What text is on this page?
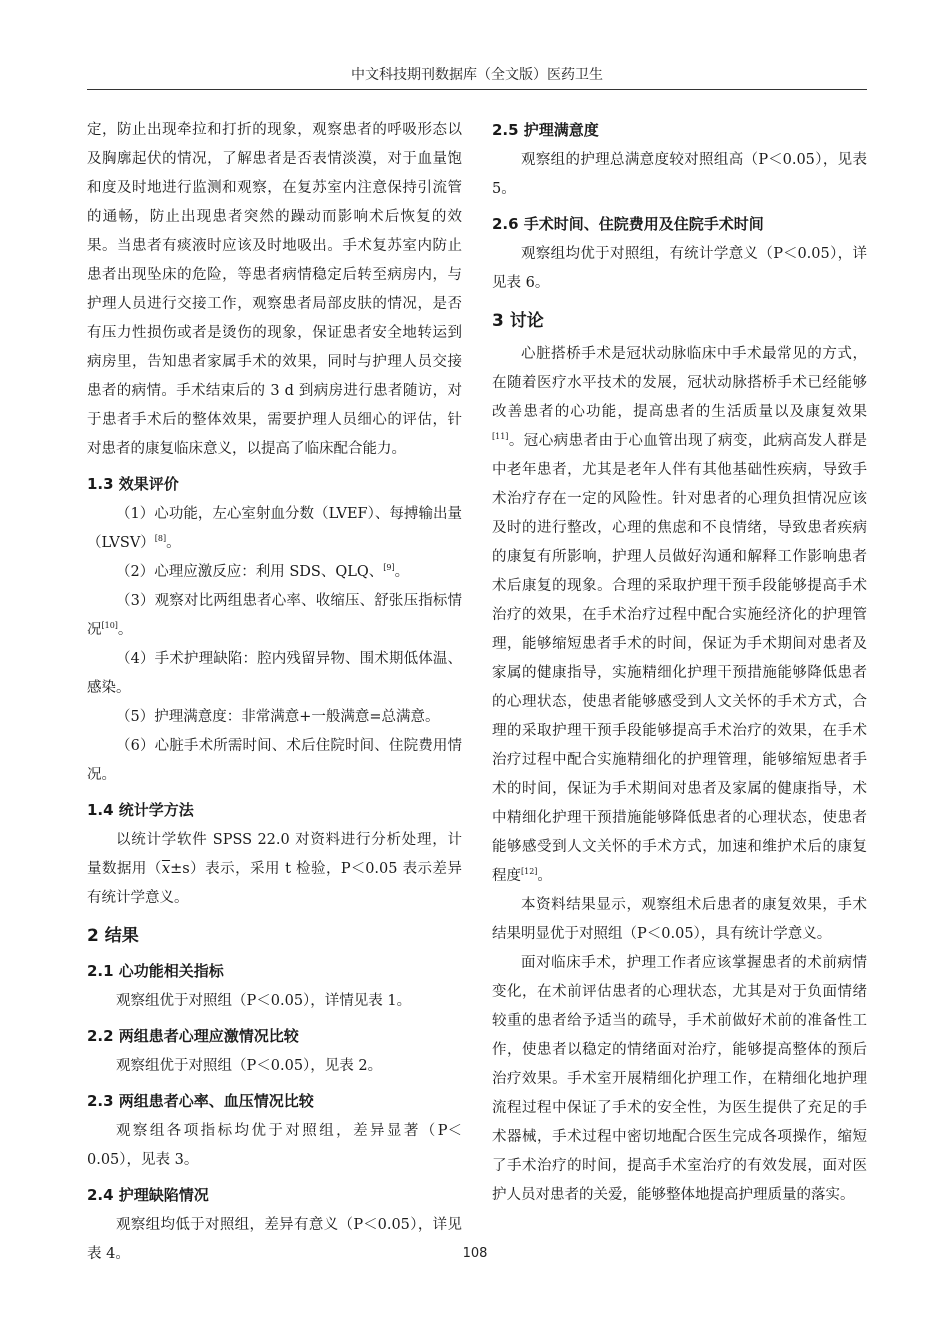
中文科技期刊数据库（全文版）医药卫生

定，防止出现牵拉和打折的现象，观察患者的呼吸形态以及胸廓起伏的情况，了解患者是否表情淡漠，对于血量饱和度及时地进行监测和观察，在复苏室内注意保持引流管的通畅，防止出现患者突然的躁动而影响术后恢复的效果。当患者有痰液时应该及时地吸出。手术复苏室内防止患者出现坠床的危险，等患者病情稳定后转至病房内，与护理人员进行交接工作，观察患者局部皮肤的情况，是否有压力性损伤或者是烫伤的现象，保证患者安全地转运到病房里，告知患者家属手术的效果，同时与护理人员交接患者的病情。手术结束后的 3 d 到病房进行患者随访，对于患者手术后的整体效果，需要护理人员细心的评估，针对患者的康复临床意义，以提高了临床配合能力。

1.3 效果评价

（1）心功能，左心室射血分数（LVEF）、每搏输出量（LVSV）[8]。

（2）心理应激反应：利用 SDS、QLQ、[9]。

（3）观察对比两组患者心率、收缩压、舒张压指标情况[10]。

（4）手术护理缺陷：腔内残留异物、围术期低体温、感染。

（5）护理满意度：非常满意+一般满意=总满意。

（6）心脏手术所需时间、术后住院时间、住院费用情况。

1.4 统计学方法

以统计学软件 SPSS 22.0 对资料进行分析处理，计量数据用$(\overline{x}\pm s)$表示，采用 t 检验，P＜0.05 表示差异有统计学意义。

2 结果
2.1 心功能相关指标

观察组优于对照组（P＜0.05），详情见表 1。

2.2 两组患者心理应激情况比较

观察组优于对照组（P＜0.05），见表 2。

2.3 两组患者心率、血压情况比较

观察组各项指标均优于对照组，差异显著（P＜0.05），见表 3。

2.4 护理缺陷情况

观察组均低于对照组，差异有意义（P＜0.05），详见表 4。

2.5 护理满意度

观察组的护理总满意度较对照组高（P＜0.05），见表 5。

2.6 手术时间、住院费用及住院手术时间

观察组均优于对照组，有统计学意义（P＜0.05），详见表 6。

3 讨论

心脏搭桥手术是冠状动脉临床中手术最常见的方式，在随着医疗水平技术的发展，冠状动脉搭桥手术已经能够改善患者的心功能，提高患者的生活质量以及康复效果[11]。冠心病患者由于心血管出现了病变，此病高发人群是中老年患者，尤其是老年人伴有其他基础性疾病，导致手术治疗存在一定的风险性。针对患者的心理负担情况应该及时的进行整改，心理的焦虑和不良情绪，导致患者疾病的康复有所影响，护理人员做好沟通和解释工作影响患者术后康复的现象。合理的采取护理干预手段能够提高手术治疗的效果，在手术治疗过程中配合实施经济化的护理管理，能够缩短患者手术的时间，保证为手术期间对患者及家属的健康指导，实施精细化护理干预措施能够降低患者的心理状态，使患者能够感受到人文关怀的手术方式，合理的采取护理干预手段能够提高手术治疗的效果，在手术治疗过程中配合实施精细化的护理管理，能够缩短患者手术的时间，保证为手术期间对患者及家属的健康指导，术中精细化护理干预措施能够降低患者的心理状态，使患者能够感受到人文关怀的手术方式，加速和维护术后的康复程度[12]。

本资料结果显示，观察组术后患者的康复效果，手术结果明显优于对照组（P＜0.05），具有统计学意义。

面对临床手术，护理工作者应该掌握患者的术前病情变化，在术前评估患者的心理状态，尤其是对于负面情绪较重的患者给予适当的疏导，手术前做好术前的准备性工作，使患者以稳定的情绪面对治疗，能够提高整体的预后治疗效果。手术室开展精细化护理工作，在精细化地护理流程过程中保证了手术的安全性，为医生提供了充足的手术器械，手术过程中密切地配合医生完成各项操作，缩短了手术治疗的时间，提高手术室治疗的有效发展，面对医护人员对患者的关爱，能够整体地提高护理质量的落实。

108
